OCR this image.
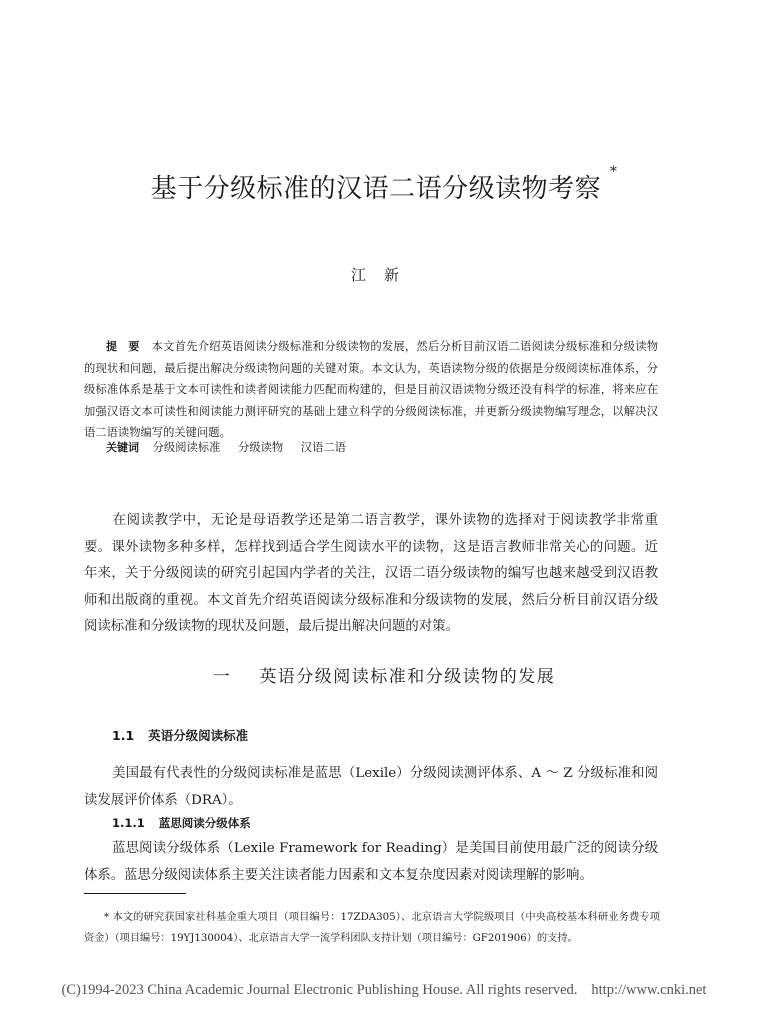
基于分级标准的汉语二语分级读物考察 *
江新
提　要 本文首先介绍英语阅读分级标准和分级读物的发展，然后分析目前汉语二语阅读分级标准和分级读物的现状和问题，最后提出解决分级读物问题的关键对策。本文认为，英语读物分级的依据是分级阅读标准体系，分级标准体系是基于文本可读性和读者阅读能力匹配而构建的，但是目前汉语读物分级还没有科学的标准，将来应在加强汉语文本可读性和阅读能力测评研究的基础上建立科学的分级阅读标准，并更新分级读物编写理念，以解决汉语二语读物编写的关键问题。
关键词 分级阅读标准 分级读物 汉语二语
在阅读教学中，无论是母语教学还是第二语言教学，课外读物的选择对于阅读教学非常重要。课外读物多种多样，怎样找到适合学生阅读水平的读物，这是语言教师非常关心的问题。近年来，关于分级阅读的研究引起国内学者的关注，汉语二语分级读物的编写也越来越受到汉语教师和出版商的重视。本文首先介绍英语阅读分级标准和分级读物的发展，然后分析目前汉语分级阅读标准和分级读物的现状及问题，最后提出解决问题的对策。
一 英语分级阅读标准和分级读物的发展
1.1 英语分级阅读标准
美国最有代表性的分级阅读标准是蓝思（Lexile）分级阅读测评体系、A ～ Z 分级标准和阅读发展评价体系（DRA）。
1.1.1 蓝思阅读分级体系
蓝思阅读分级体系（Lexile Framework for Reading）是美国目前使用最广泛的阅读分级体系。蓝思分级阅读体系主要关注读者能力因素和文本复杂度因素对阅读理解的影响。
* 本文的研究获国家社科基金重大项目（项目编号：17ZDA305）、北京语言大学院级项目（中央高校基本科研业务费专项资金）（项目编号：19YJ130004）、北京语言大学一流学科团队支持计划（项目编号：GF201906）的支持。
(C)1994-2023 China Academic Journal Electronic Publishing House. All rights reserved. http://www.cnki.net
